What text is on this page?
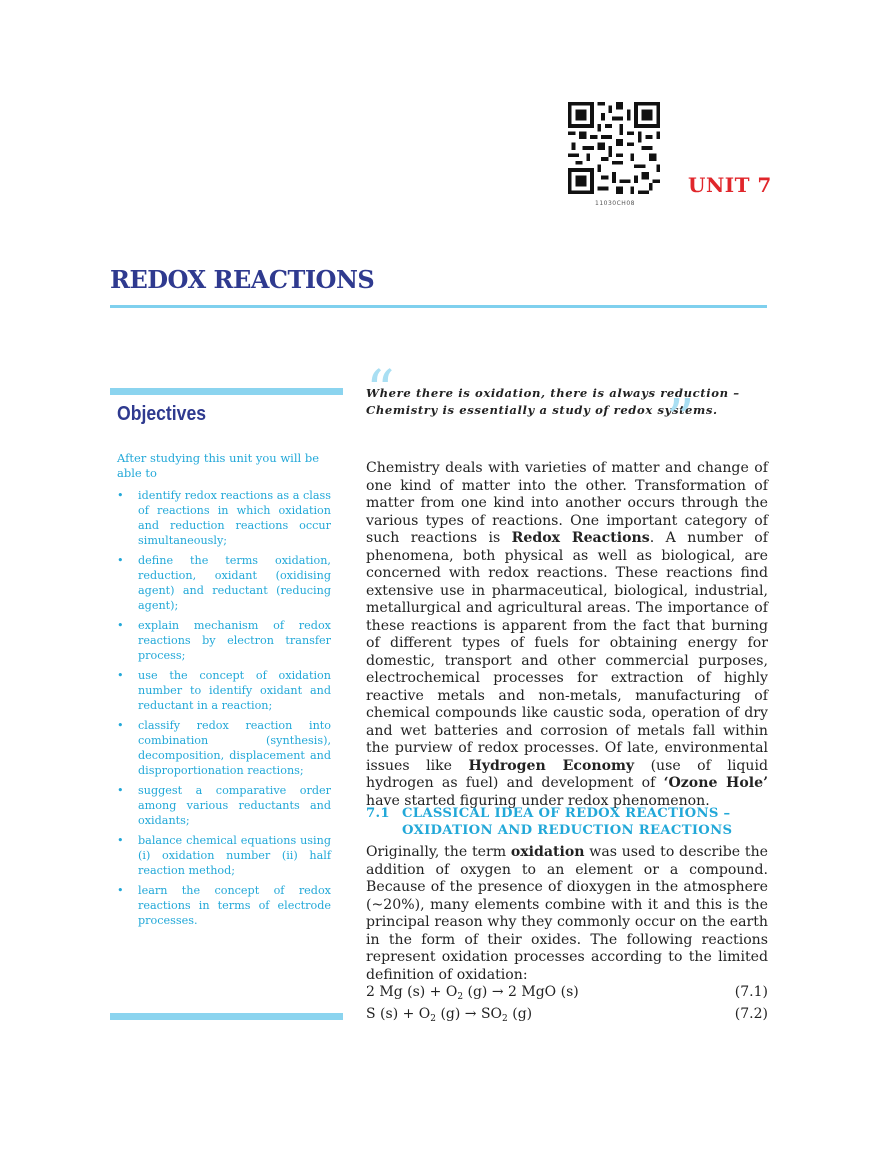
11030CH08
UNIT 7
REDOX REACTIONS
Objectives
After studying this unit you will be able to
• identify redox reactions as a class of reactions in which oxidation and reduction reactions occur simultaneously;
• define the terms oxidation, reduction, oxidant (oxidising agent) and reductant (reducing agent);
• explain mechanism of redox reactions by electron transfer process;
• use the concept of oxidation number to identify oxidant and reductant in a reaction;
• classify redox reaction into combination (synthesis), decomposition, displacement and disproportionation reactions;
• suggest a comparative order among various reductants and oxidants;
• balance chemical equations using (i) oxidation number (ii) half reaction method;
• learn the concept of redox reactions in terms of electrode processes.
“
Where there is oxidation, there is always reduction – Chemistry is essentially a study of redox systems.
”
Chemistry deals with varieties of matter and change of one kind of matter into the other. Transformation of matter from one kind into another occurs through the various types of reactions. One important category of such reactions is Redox Reactions. A number of phenomena, both physical as well as biological, are concerned with redox reactions. These reactions find extensive use in pharmaceutical, biological, industrial, metallurgical and agricultural areas. The importance of these reactions is apparent from the fact that burning of different types of fuels for obtaining energy for domestic, transport and other commercial purposes, electrochemical processes for extraction of highly reactive metals and non-metals, manufacturing of chemical compounds like caustic soda, operation of dry and wet batteries and corrosion of metals fall within the purview of redox processes. Of late, environmental issues like Hydrogen Economy (use of liquid hydrogen as fuel) and development of ‘Ozone Hole’ have started figuring under redox phenomenon.
7.1 CLASSICAL IDEA OF REDOX REACTIONS –
OXIDATION AND REDUCTION REACTIONS
Originally, the term oxidation was used to describe the addition of oxygen to an element or a compound. Because of the presence of dioxygen in the atmosphere (~20%), many elements combine with it and this is the principal reason why they commonly occur on the earth in the form of their oxides. The following reactions represent oxidation processes according to the limited definition of oxidation:
2 Mg $(s) + O_2$ (g) → 2 MgO (s)	(7.1)
S $(s) + O_2$ $(g) \to SO_2$ (g)	(7.2)
